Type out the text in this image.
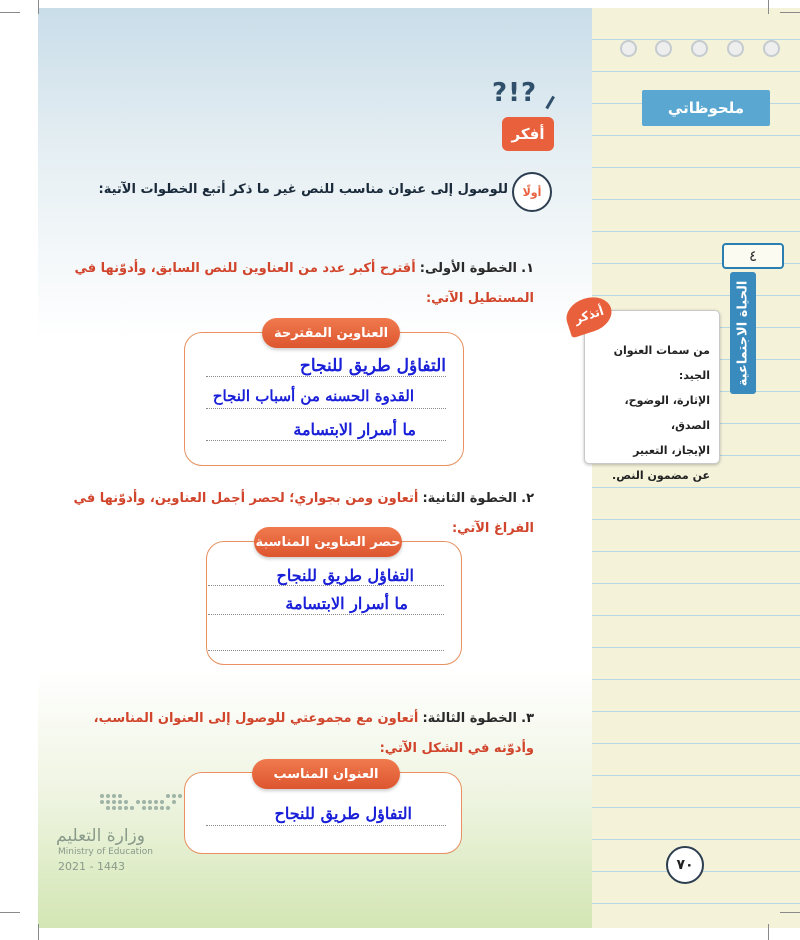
ملحوظاتي
٤
الحياة الاجتماعية
أتذكر
من سمات العنوان الجيد:
الإثارة، الوضوح، الصدق،
الإيجاز، التعبير
عن مضمون النص.
?!?
أفكر
أولًا
للوصول إلى عنوان مناسب للنص غير ما ذكر أتبع الخطوات الآتية:
١. الخطوة الأولى: أقترح أكبر عدد من العناوين للنص السابق، وأدوّنها في المستطيل الآتي:
العناوين المقترحة
التفاؤل طريق للنجاح
القدوة الحسنه من أسباب النجاح
ما أسرار الابتسامة
٢. الخطوة الثانية: أتعاون ومن بجواري؛ لحصر أجمل العناوين، وأدوّنها في الفراغ الآتي:
حصر العناوين المناسبة
التفاؤل طريق للنجاح
ما أسرار الابتسامة
٣. الخطوة الثالثة: أتعاون مع مجموعتي للوصول إلى العنوان المناسب، وأدوّنه في الشكل الآتي:
العنوان المناسب
التفاؤل طريق للنجاح
وزارة التعليم
Ministry of Education
2021 - 1443	٧٠
